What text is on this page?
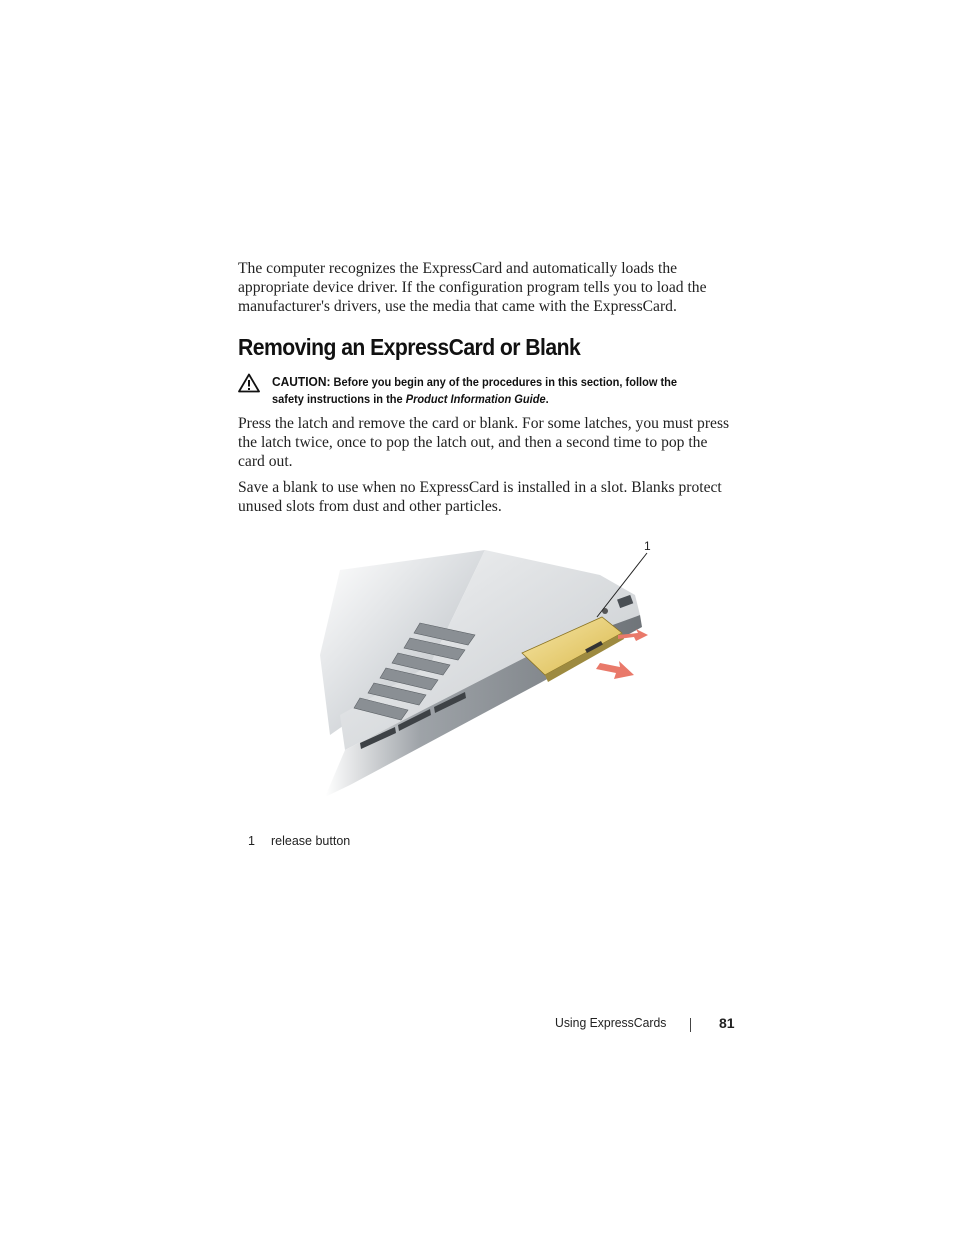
The computer recognizes the ExpressCard and automatically loads the appropriate device driver. If the configuration program tells you to load the manufacturer's drivers, use the media that came with the ExpressCard.

Removing an ExpressCard or Blank
CAUTION: Before you begin any of the procedures in this section, follow the safety instructions in the Product Information Guide.

Press the latch and remove the card or blank. For some latches, you must press the latch twice, once to pop the latch out, and then a second time to pop the card out.

Save a blank to use when no ExpressCard is installed in a slot. Blanks protect unused slots from dust and other particles.

1
1 release button
Using ExpressCards	81
